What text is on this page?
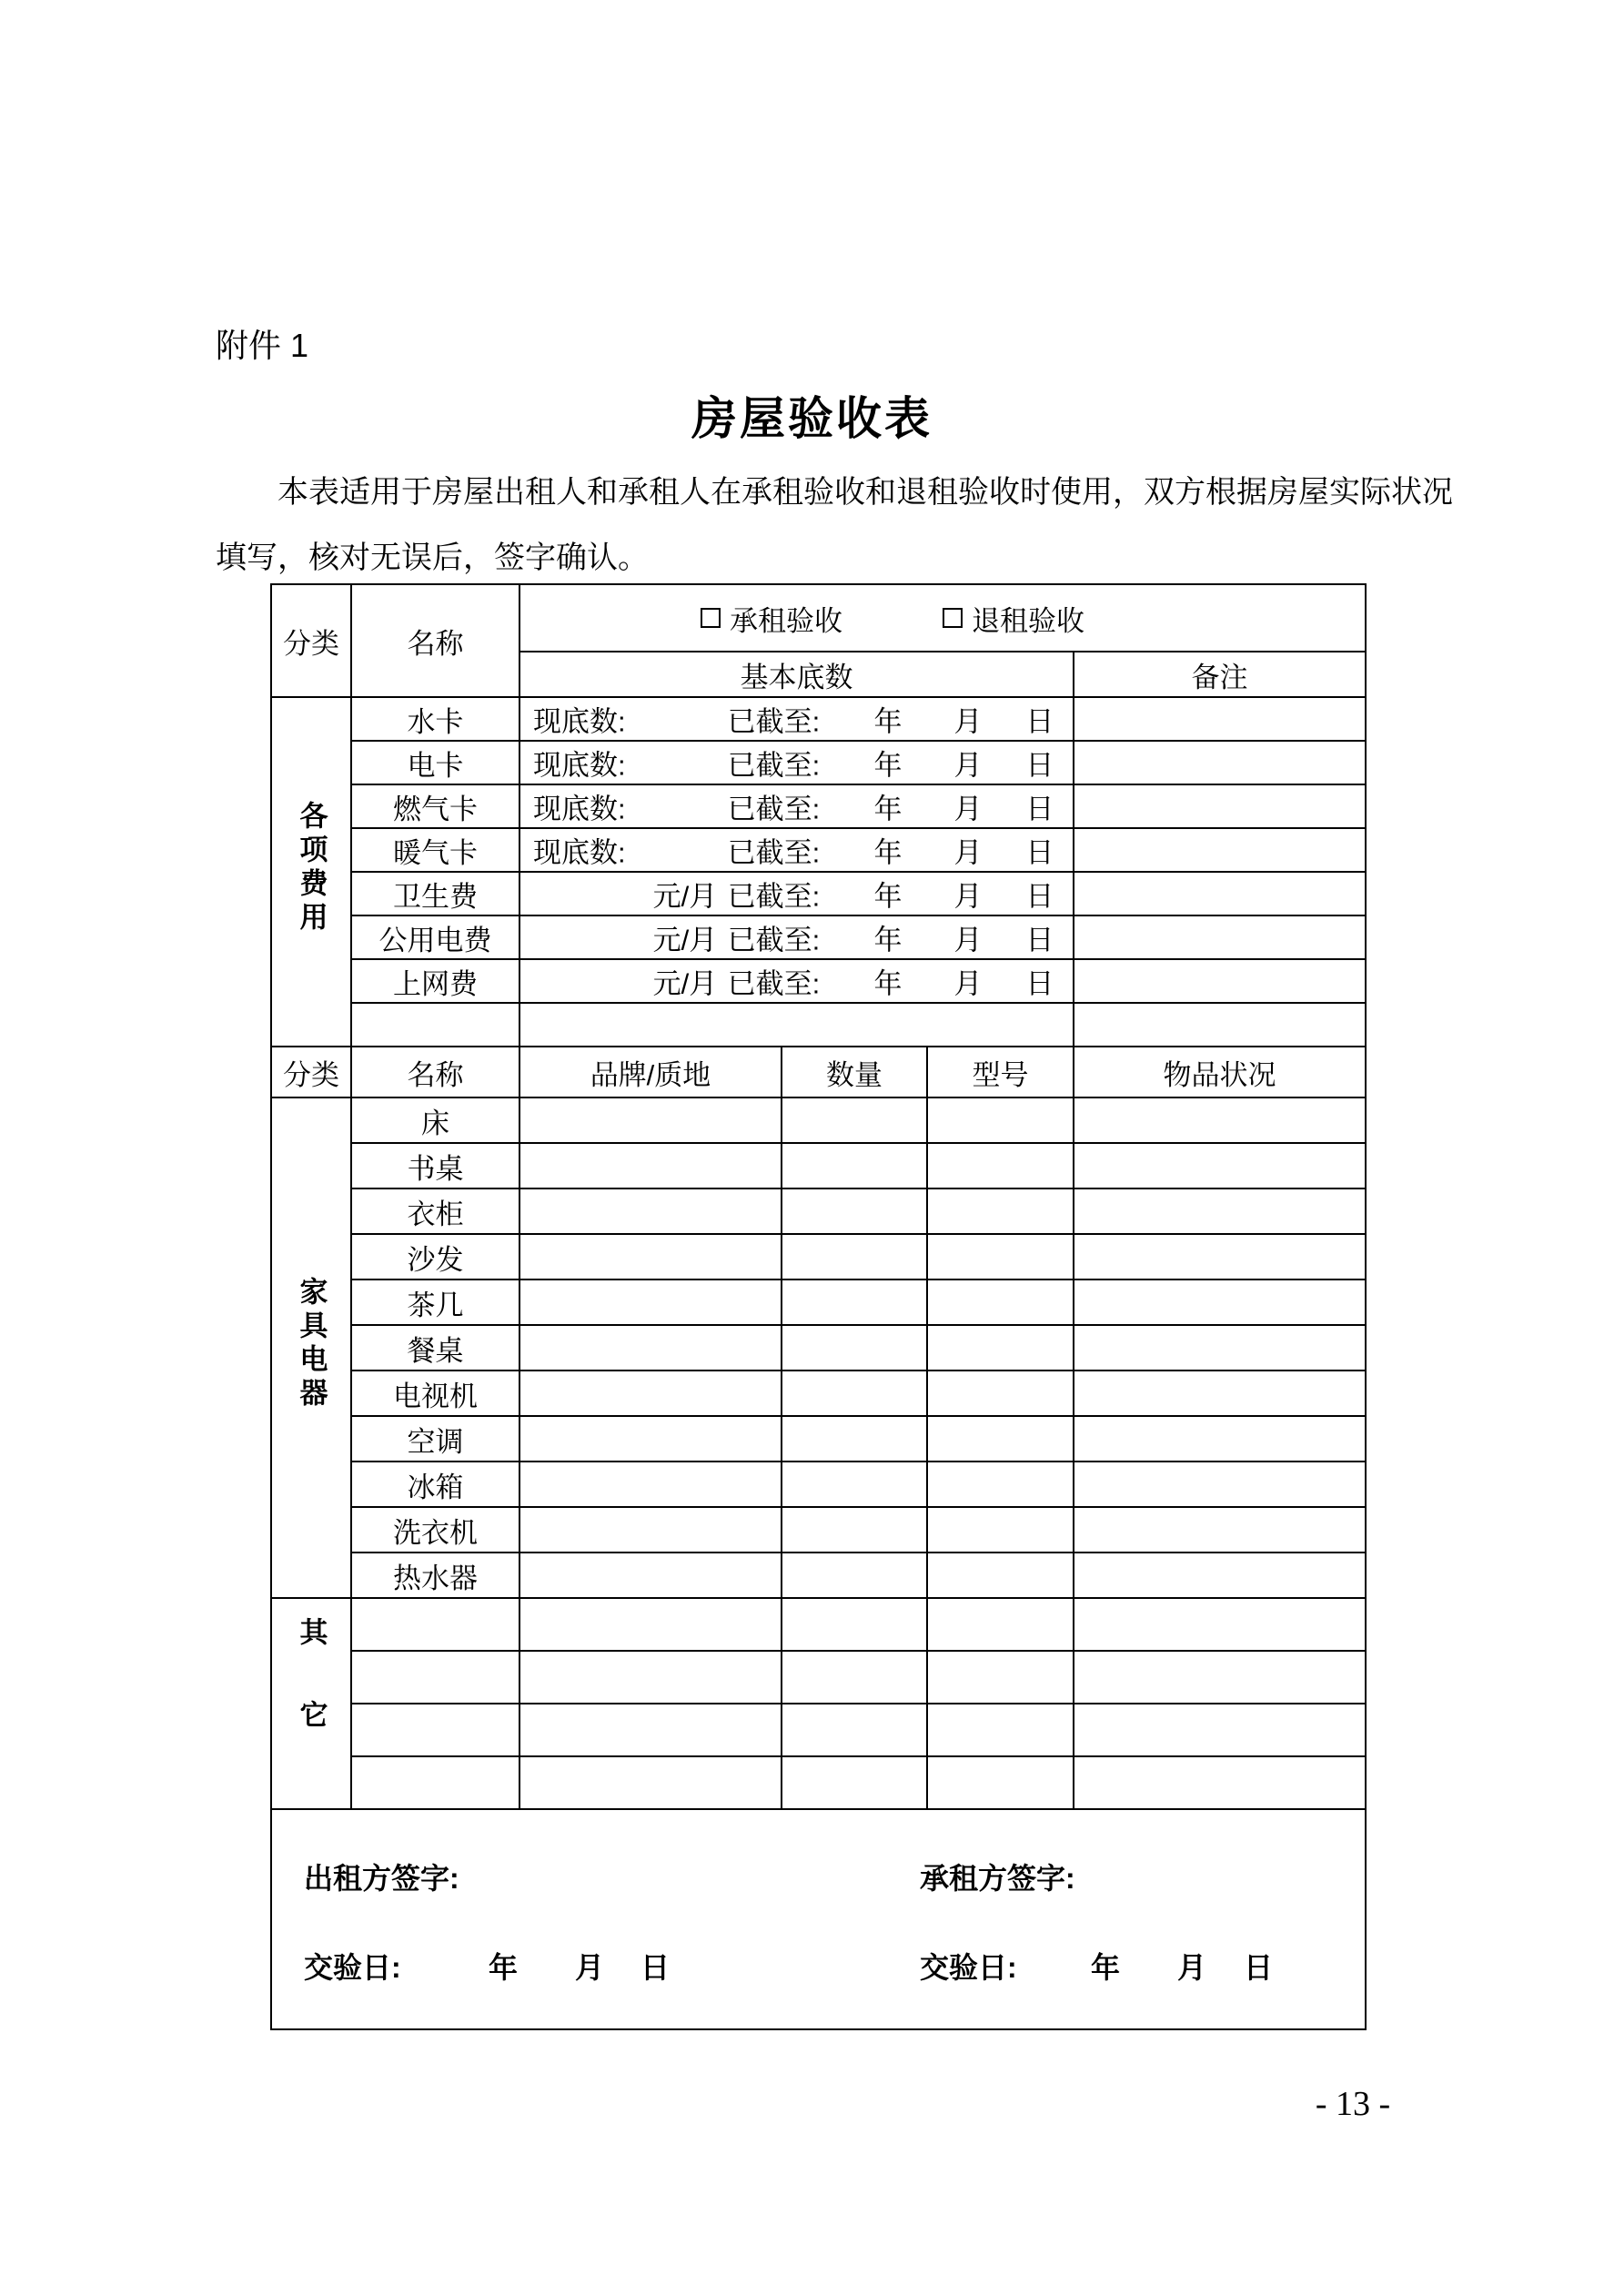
附件 1
房屋验收表
本表适用于房屋出租人和承租人在承租验收和退租验收时使用，双方根据房屋实际状况
填写，核对无误后，签字确认。
分类	名称	承租验收 退租验收			

		基本底数			备注
各项费用	水卡	现底数: 已截至: 年 月 日			

	电卡	现底数: 已截至: 年 月 日			

	燃气卡	现底数: 已截至: 年 月 日			

	暖气卡	现底数: 已截至: 年 月 日			

	卫生费	元/月 已截至: 年 月 日			

	公用电费	元/月 已截至: 年 月 日			

	上网费	元/月 已截至: 年 月 日			

分类	名称	品牌/质地	数量	型号	物品状况
家具电器	床				
	书桌				
	衣柜				
	沙发				
	茶几				
	餐桌				
	电视机				
	空调				
	冰箱				
	洗衣机				
	热水器				
其它					

出租方签字:	承租方签字:
交验日:	年 月 日	交验日:	年 月 日
- 13 -
